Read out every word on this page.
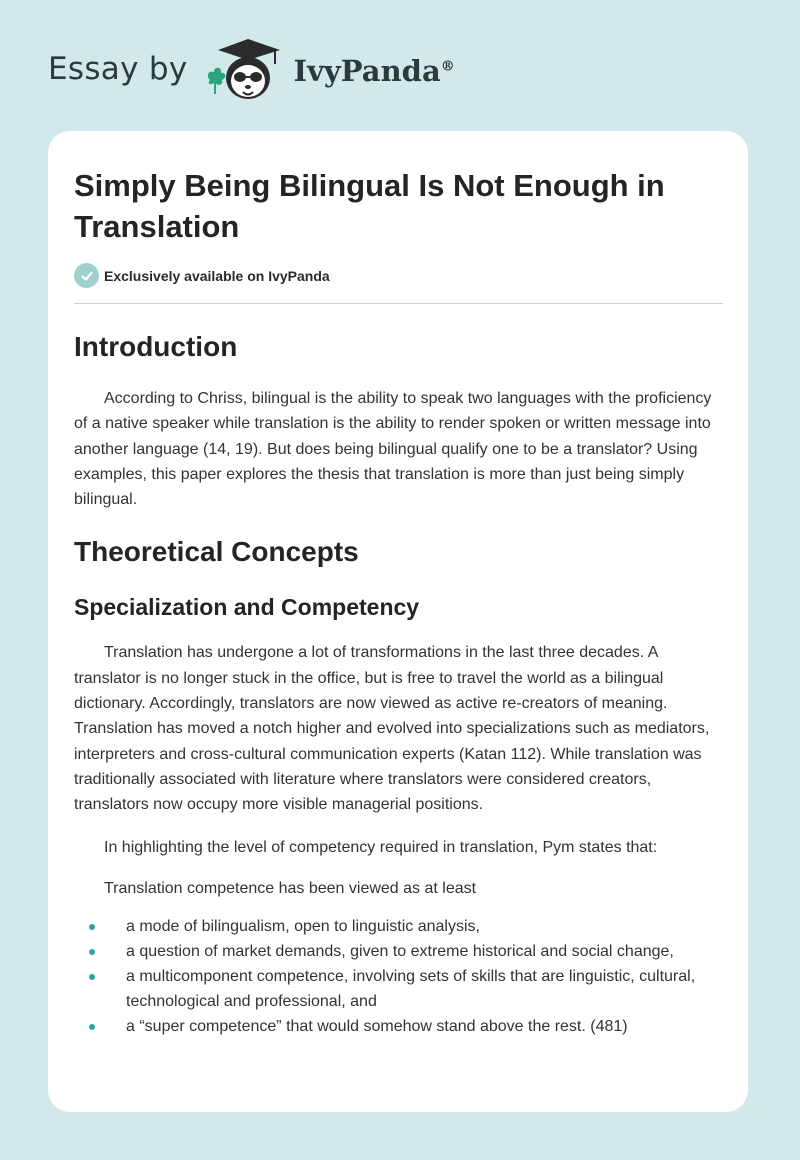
Essay by	IvyPanda®
Simply Being Bilingual Is Not Enough in Translation
Exclusively available on IvyPanda
Introduction

According to Chriss, bilingual is the ability to speak two languages with the proficiency of a native speaker while translation is the ability to render spoken or written message into another language (14, 19). But does being bilingual qualify one to be a translator? Using examples, this paper explores the thesis that translation is more than just being simply bilingual.

Theoretical Concepts
Specialization and Competency

Translation has undergone a lot of transformations in the last three decades. A translator is no longer stuck in the office, but is free to travel the world as a bilingual dictionary. Accordingly, translators are now viewed as active re-creators of meaning. Translation has moved a notch higher and evolved into specializations such as mediators, interpreters and cross-cultural communication experts (Katan 112). While translation was traditionally associated with literature where translators were considered creators, translators now occupy more visible managerial positions.

In highlighting the level of competency required in translation, Pym states that:

Translation competence has been viewed as at least

a mode of bilingualism, open to linguistic analysis,
a question of market demands, given to extreme historical and social change,
a multicomponent competence, involving sets of skills that are linguistic, cultural, technological and professional, and
a “super competence” that would somehow stand above the rest. (481)
